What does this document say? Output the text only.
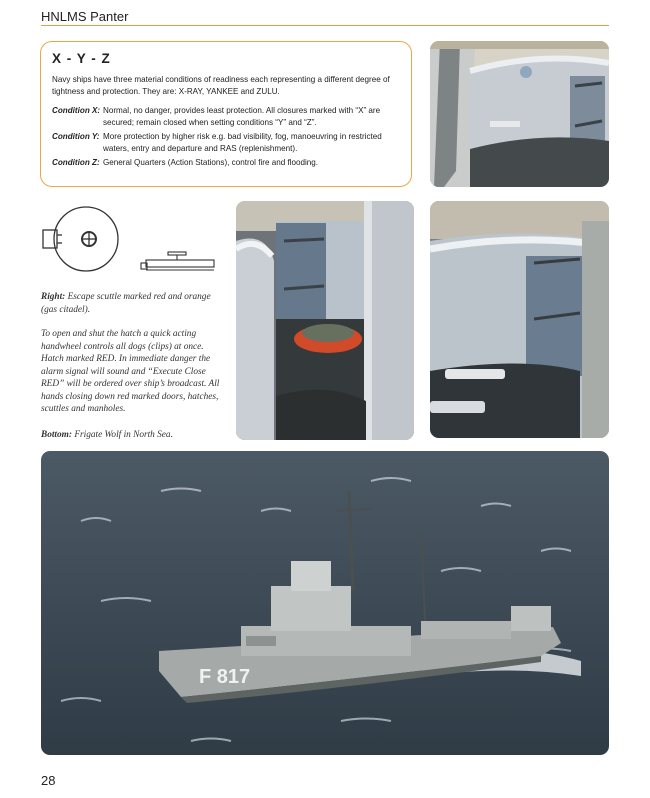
HNLMS Panter
X - Y - Z
Navy ships have three material conditions of readiness each representing a different degree of tightness and protection. They are: X-RAY, YANKEE and ZULU.
Condition X: Normal, no danger, provides least protection. All closures marked with “X” are secured; remain closed when setting conditions “Y” and “Z”.
Condition Y: More protection by higher risk e.g. bad visibility, fog, manoeuvring in restricted waters, entry and departure and RAS (replenishment).
Condition Z: General Quarters (Action Stations), control fire and flooding.
Right: Escape scuttle marked red and orange (gas citadel).
To open and shut the hatch a quick acting handwheel controls all dogs (clips) at once. Hatch marked RED. In immediate danger the alarm signal will sound and “Execute Close RED” will be ordered over ship’s broadcast. All hands closing down red marked doors, hatches, scuttles and manholes.
Bottom: Frigate Wolf in North Sea.
F 817
28
